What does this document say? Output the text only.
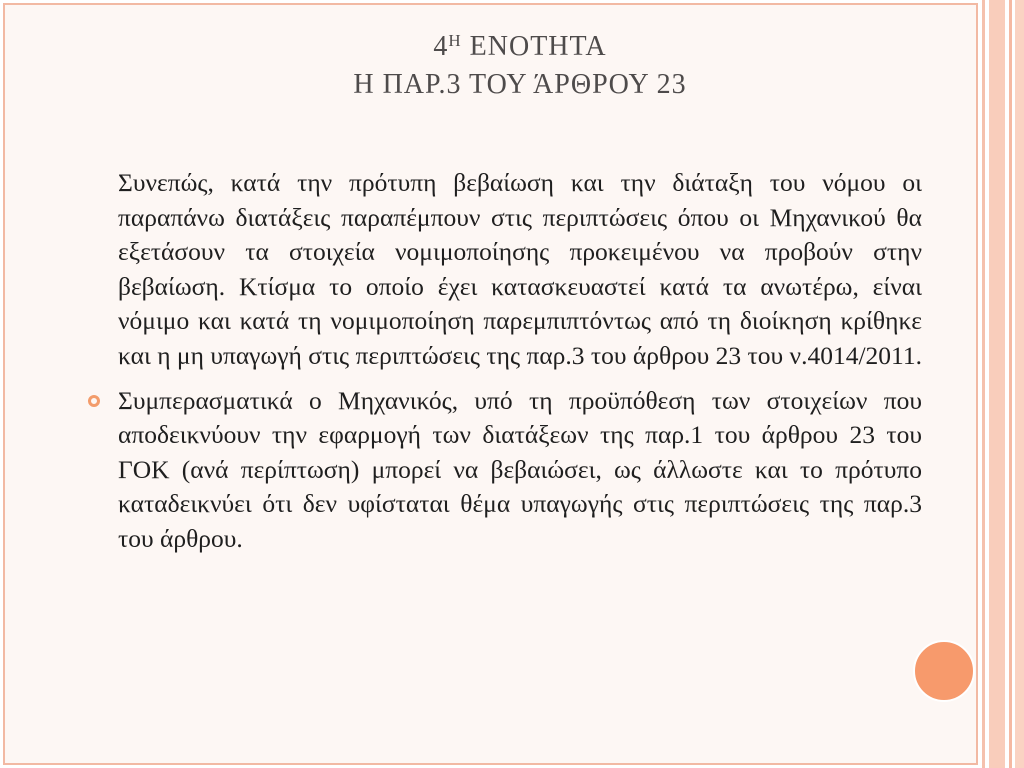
$4^H$ ΕΝΟΤΗΤΑ
Η ΠΑΡ.3 ΤΟΥ ΆΡΘΡΟΥ 23

Συνεπώς, κατά την πρότυπη βεβαίωση και την διάταξη του νόμου οι παραπάνω διατάξεις παραπέμπουν στις περιπτώσεις όπου οι Μηχανικού θα εξετάσουν τα στοιχεία νομιμοποίησης προκειμένου να προβούν στην βεβαίωση. Κτίσμα το οποίο έχει κατασκευαστεί κατά τα ανωτέρω, είναι νόμιμο και κατά τη νομιμοποίηση παρεμπιπτόντως από τη διοίκηση κρίθηκε και η μη υπαγωγή στις περιπτώσεις της παρ.3 του άρθρου 23 του ν.4014/2011.

Συμπερασματικά ο Μηχανικός, υπό τη προϋπόθεση των στοιχείων που αποδεικνύουν την εφαρμογή των διατάξεων της παρ.1 του άρθρου 23 του ΓΟΚ (ανά περίπτωση) μπορεί να βεβαιώσει, ως άλλωστε και το πρότυπο καταδεικνύει ότι δεν υφίσταται θέμα υπαγωγής στις περιπτώσεις της παρ.3 του άρθρου.
